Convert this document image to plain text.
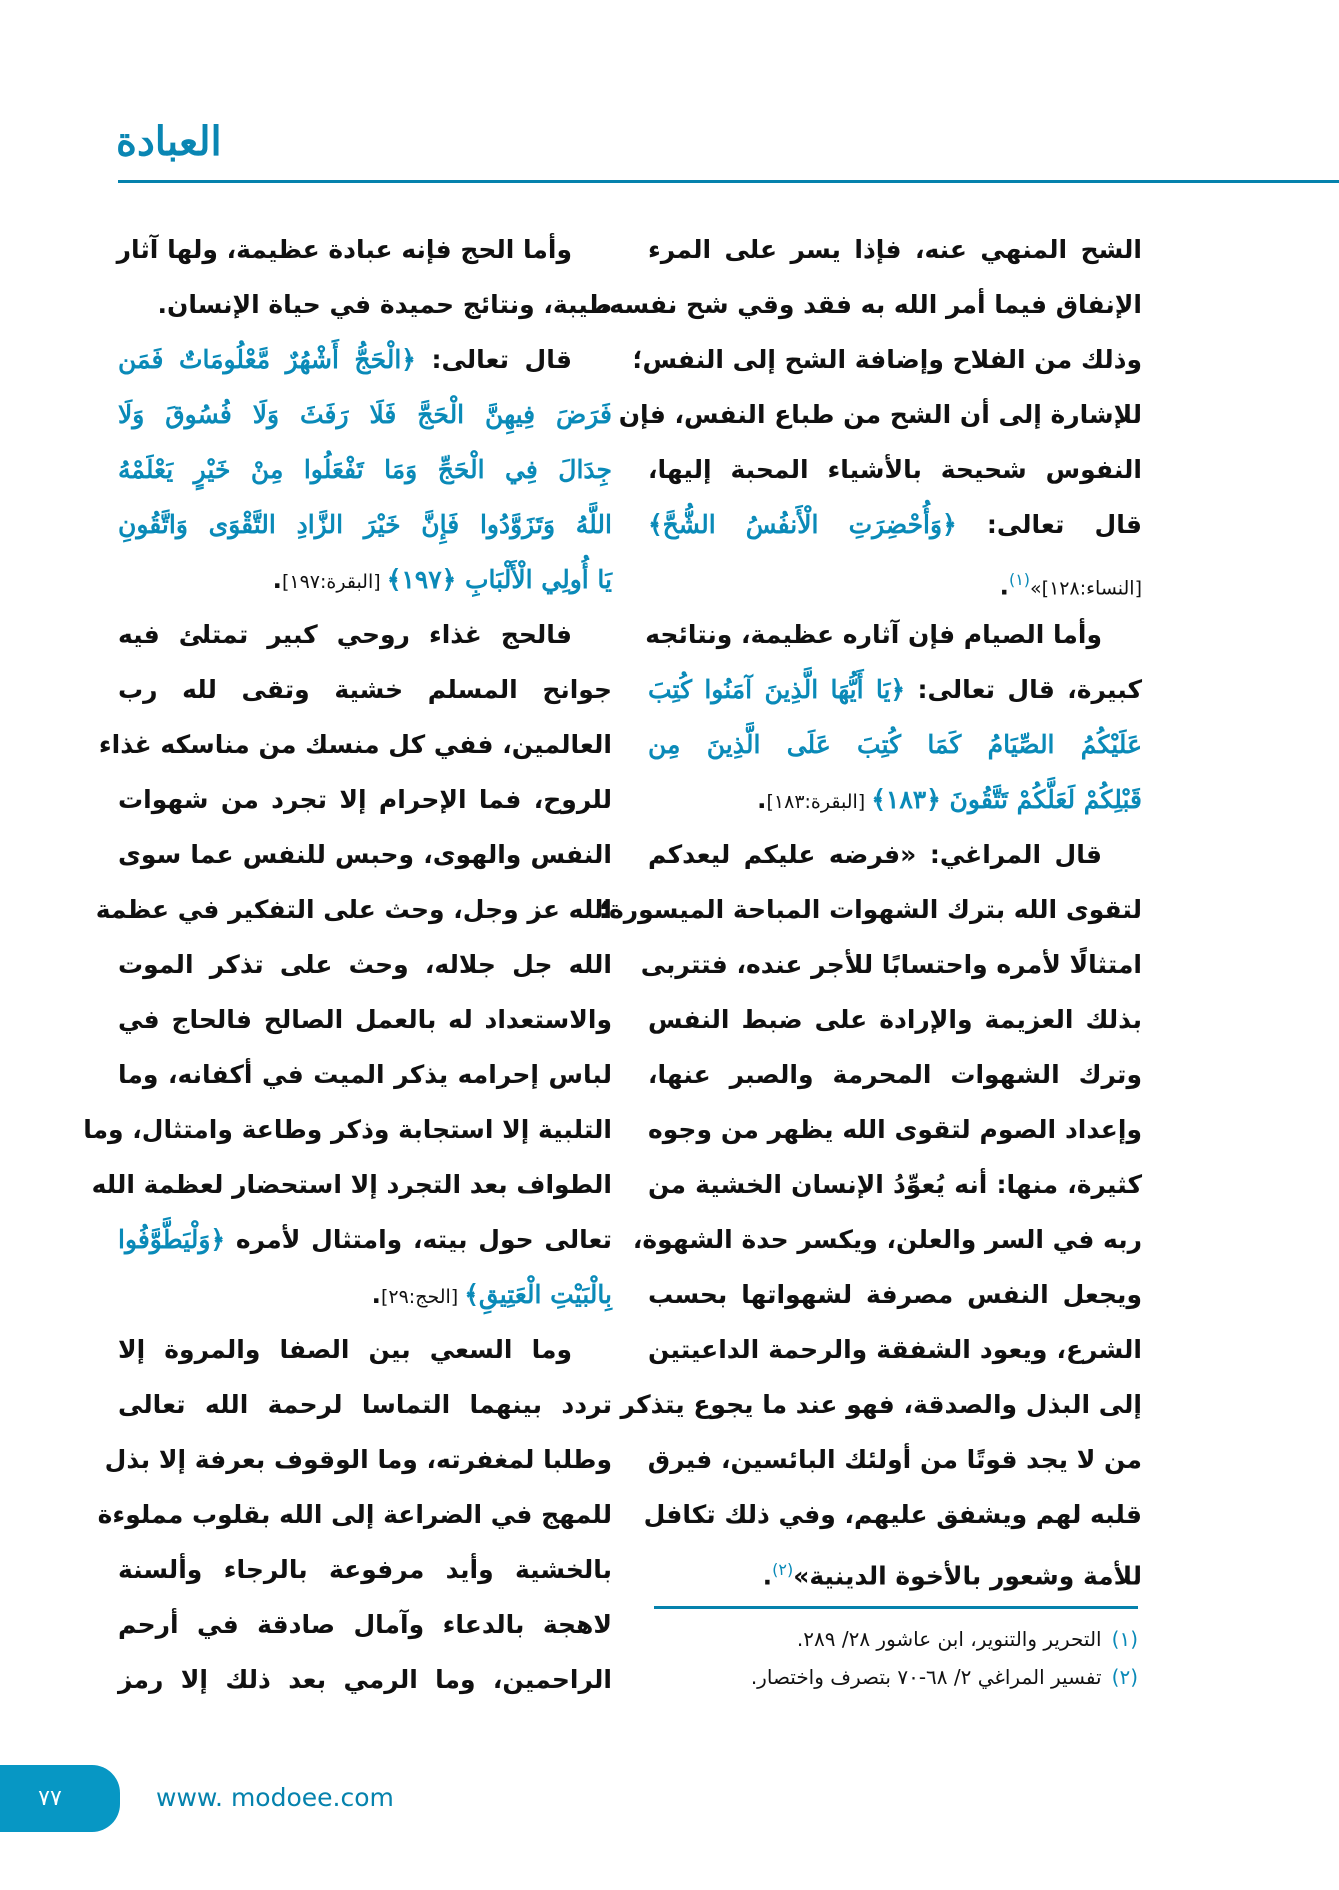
العبادة
الشح المنهي عنه، فإذا يسر على المرء
الإنفاق فيما أمر الله به فقد وقي شح نفسه،
وذلك من الفلاح وإضافة الشح إلى النفس؛
للإشارة إلى أن الشح من طباع النفس، فإن
النفوس شحيحة بالأشياء المحبة إليها،
قال تعالى: ﴿وَأُحْضِرَتِ الْأَنفُسُ الشُّحَّ﴾
[النساء:١٢٨]»$^{(١)}$.
وأما الصيام فإن آثاره عظيمة، ونتائجه
كبيرة، قال تعالى: ﴿يَا أَيُّهَا الَّذِينَ آمَنُوا كُتِبَ
عَلَيْكُمُ الصِّيَامُ كَمَا كُتِبَ عَلَى الَّذِينَ مِن
قَبْلِكُمْ لَعَلَّكُمْ تَتَّقُونَ ﴿١٨٣﴾ [البقرة:١٨٣].
قال المراغي: «فرضه عليكم ليعدكم
لتقوى الله بترك الشهوات المباحة الميسورة؛
امتثالًا لأمره واحتسابًا للأجر عنده، فتتربى
بذلك العزيمة والإرادة على ضبط النفس
وترك الشهوات المحرمة والصبر عنها،
وإعداد الصوم لتقوى الله يظهر من وجوه
كثيرة، منها: أنه يُعوِّدُ الإنسان الخشية من
ربه في السر والعلن، ويكسر حدة الشهوة،
ويجعل النفس مصرفة لشهواتها بحسب
الشرع، ويعود الشفقة والرحمة الداعيتين
إلى البذل والصدقة، فهو عند ما يجوع يتذكر
من لا يجد قوتًا من أولئك البائسين، فيرق
قلبه لهم ويشفق عليهم، وفي ذلك تكافل
للأمة وشعور بالأخوة الدينية»$^{(٢)}$.
وأما الحج فإنه عبادة عظيمة، ولها آثار
طيبة، ونتائج حميدة في حياة الإنسان.
قال تعالى: ﴿الْحَجُّ أَشْهُرٌ مَّعْلُومَاتٌ فَمَن
فَرَضَ فِيهِنَّ الْحَجَّ فَلَا رَفَثَ وَلَا فُسُوقَ وَلَا
جِدَالَ فِي الْحَجِّ وَمَا تَفْعَلُوا مِنْ خَيْرٍ يَعْلَمْهُ
اللَّهُ وَتَزَوَّدُوا فَإِنَّ خَيْرَ الزَّادِ التَّقْوَى وَاتَّقُونِ
يَا أُولِي الْأَلْبَابِ ﴿١٩٧﴾ [البقرة:١٩٧].
فالحج غذاء روحي كبير تمتلئ فيه
جوانح المسلم خشية وتقى لله رب
العالمين، ففي كل منسك من مناسكه غذاء
للروح، فما الإحرام إلا تجرد من شهوات
النفس والهوى، وحبس للنفس عما سوى
الله عز وجل، وحث على التفكير في عظمة
الله جل جلاله، وحث على تذكر الموت
والاستعداد له بالعمل الصالح فالحاج في
لباس إحرامه يذكر الميت في أكفانه، وما
التلبية إلا استجابة وذكر وطاعة وامتثال، وما
الطواف بعد التجرد إلا استحضار لعظمة الله
تعالى حول بيته، وامتثال لأمره ﴿وَلْيَطَّوَّفُوا
بِالْبَيْتِ الْعَتِيقِ﴾ [الحج:٢٩].
وما السعي بين الصفا والمروة إلا
تردد بينهما التماسا لرحمة الله تعالى
وطلبا لمغفرته، وما الوقوف بعرفة إلا بذل
للمهج في الضراعة إلى الله بقلوب مملوءة
بالخشية وأيد مرفوعة بالرجاء وألسنة
لاهجة بالدعاء وآمال صادقة في أرحم
الراحمين، وما الرمي بعد ذلك إلا رمز
(١)التحرير والتنوير، ابن عاشور ٢٨/ ٢٨٩.
(٢)تفسير المراغي ٢/ ٦٨-٧٠ بتصرف واختصار.
٧٧	www. modoee.com
